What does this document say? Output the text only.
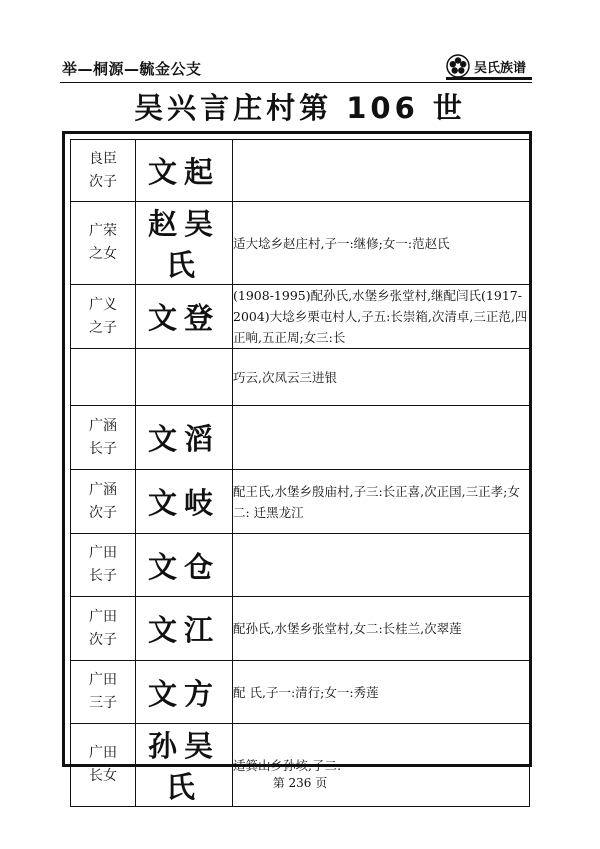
举—桐源—毓金公支	吴氏族谱
吴兴言庄村第 106 世
良臣
次子	文起	

广荣
之女	赵吴氏	适大埝乡赵庄村,子一:继修;女一:范赵氏

广义
之子	文登	(1908-1995)配孙氏,水堡乡张堂村,继配闫氏(1917-2004)大埝乡栗屯村人,子五:长崇箱,次清卓,三正范,四正响,五正周;女三:长

		巧云,次凤云三进银

广涵
长子	文滔	

广涵
次子	文岐	配王氏,水堡乡殷庙村,子三:长正喜,次正国,三正孝;女二: 迁黑龙江

广田
长子	文仓	

广田
次子	文江	配孙氏,水堡乡张堂村,女二:长桂兰,次翠莲

广田
三子	文方	配 氏,子一:清行;女一:秀莲

广田
长女	孙吴氏	适箕山乡孙垓,子二:
第 236 页
